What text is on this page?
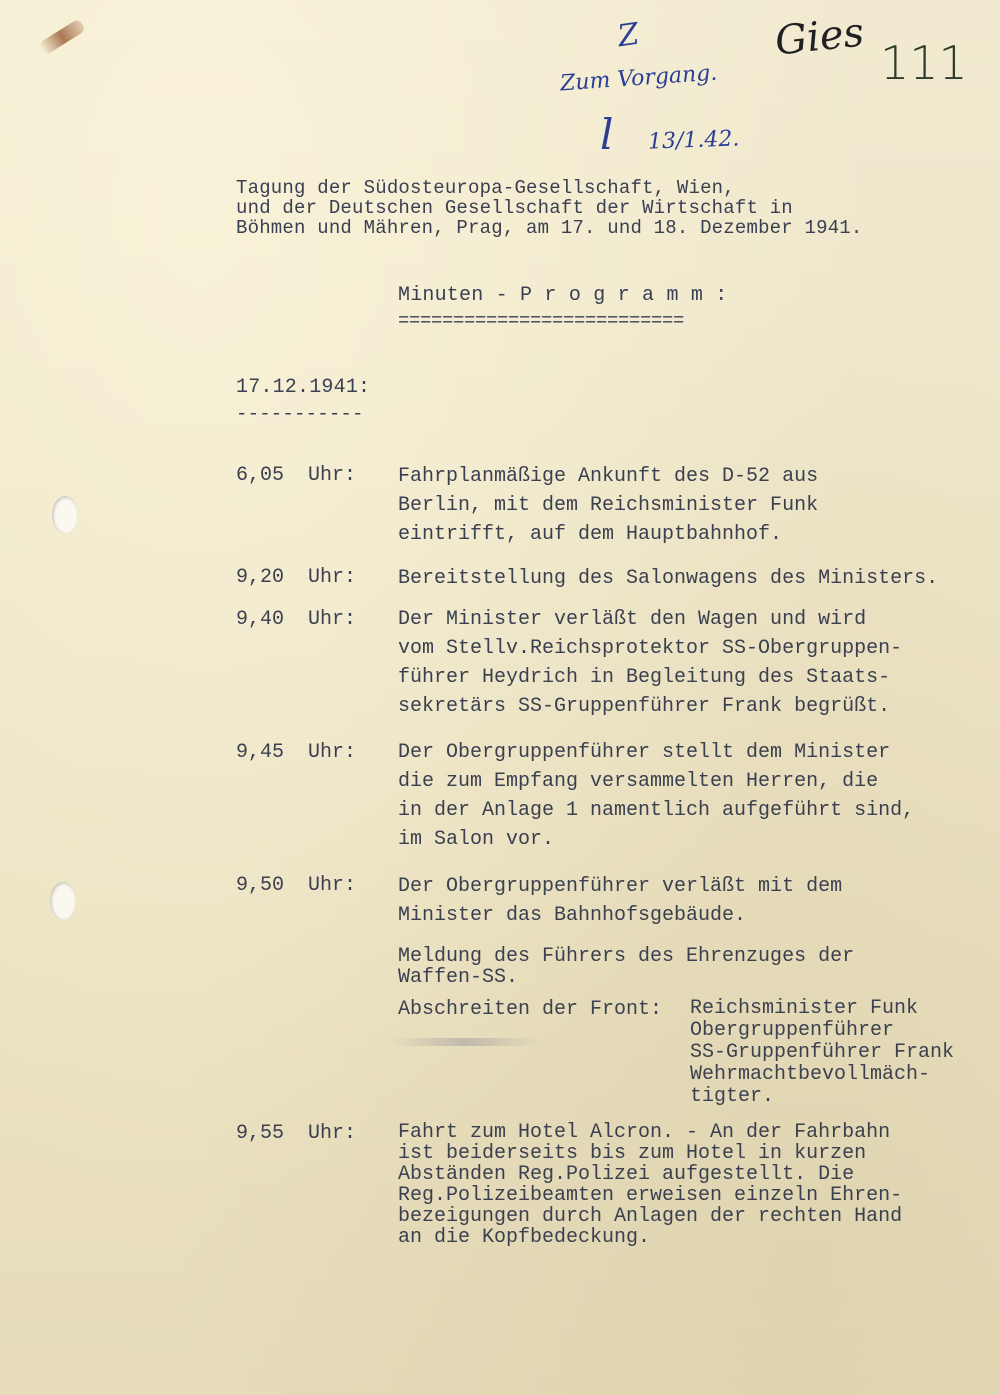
Z
Zum Vorgang.
l 13/1.42.
Gies 111
Tagung der Südosteuropa-Gesellschaft, Wien,
und der Deutschen Gesellschaft der Wirtschaft in
Böhmen und Mähren, Prag, am 17. und 18. Dezember 1941.
Minuten - P r o g r a m m :
==========================
17.12.1941:
-----------
6,05  Uhr: Fahrplanmäßige Ankunft des D-52 aus
Berlin, mit dem Reichsminister Funk
eintrifft, auf dem Hauptbahnhof.
9,20  Uhr: Bereitstellung des Salonwagens des Ministers.
9,40  Uhr: Der Minister verläßt den Wagen und wird
vom Stellv.Reichsprotektor SS-Obergruppen-
führer Heydrich in Begleitung des Staats-
sekretärs SS-Gruppenführer Frank begrüßt.
9,45  Uhr: Der Obergruppenführer stellt dem Minister
die zum Empfang versammelten Herren, die
in der Anlage 1 namentlich aufgeführt sind,
im Salon vor.
9,50  Uhr: Der Obergruppenführer verläßt mit dem
Minister das Bahnhofsgebäude.
Meldung des Führers des Ehrenzuges der
Waffen-SS.
Abschreiten der Front: Reichsminister Funk
Obergruppenführer
SS-Gruppenführer Frank
Wehrmachtbevollmäch-
tigter.
9,55  Uhr: Fahrt zum Hotel Alcron. - An der Fahrbahn
ist beiderseits bis zum Hotel in kurzen
Abständen Reg.Polizei aufgestellt. Die
Reg.Polizeibeamten erweisen einzeln Ehren-
bezeigungen durch Anlagen der rechten Hand
an die Kopfbedeckung.
